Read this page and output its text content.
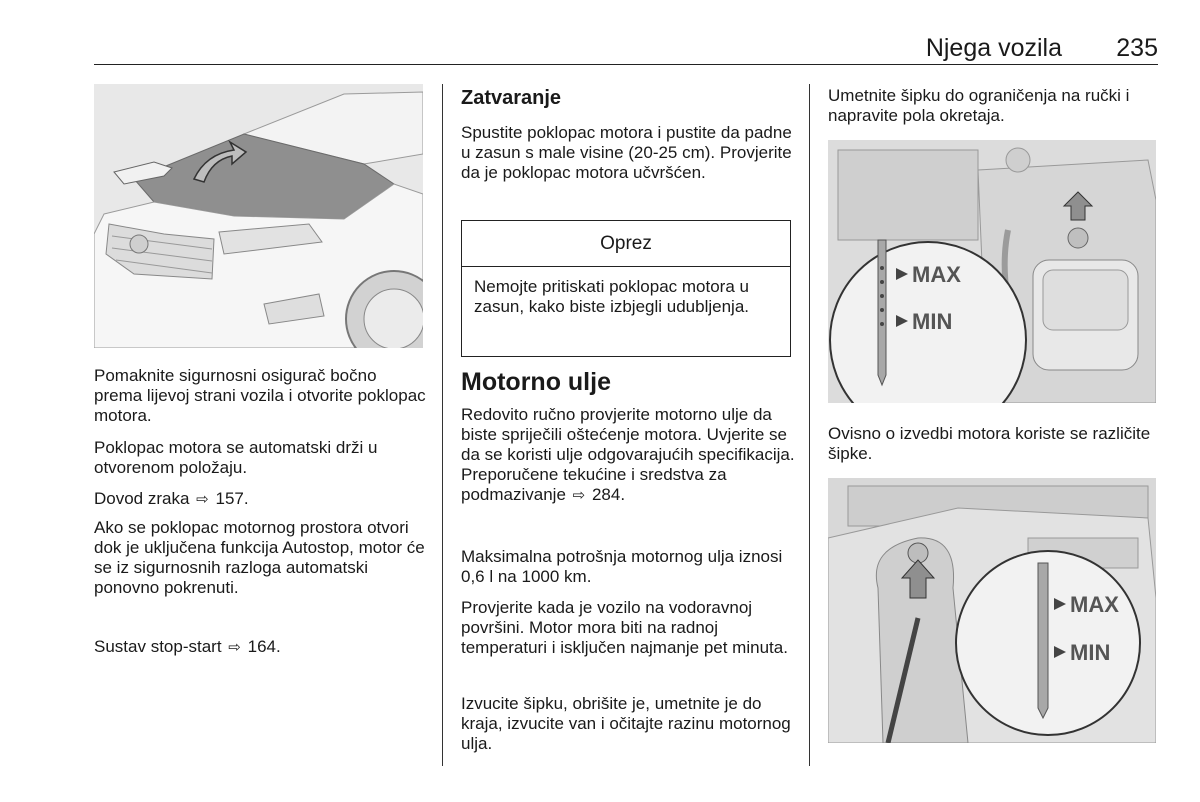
Njega vozila	235

Pomaknite sigurnosni osigurač bočno prema lijevoj strani vozila i otvorite poklopac motora.

Poklopac motora se automatski drži u otvorenom položaju.

Dovod zraka ⇨ 157.

Ako se poklopac motornog prostora otvori dok je uključena funkcija Autostop, motor će se iz sigurnosnih razloga automatski ponovno pokrenuti.

Sustav stop-start ⇨ 164.

Zatvaranje

Spustite poklopac motora i pustite da padne u zasun s male visine (20-25 cm). Provjerite da je poklopac motora učvršćen.

Oprez

Nemojte pritiskati poklopac motora u zasun, kako biste izbjegli udubljenja.

Motorno ulje

Redovito ručno provjerite motorno ulje da biste spriječili oštećenje motora. Uvjerite se da se koristi ulje odgovarajućih specifikacija. Preporučene tekućine i sredstva za podmazivanje ⇨ 284.

Maksimalna potrošnja motornog ulja iznosi 0,6 l na 1000 km.

Provjerite kada je vozilo na vodoravnoj površini. Motor mora biti na radnoj temperaturi i isključen najmanje pet minuta.

Izvucite šipku, obrišite je, umetnite je do kraja, izvucite van i očitajte razinu motornog ulja.

Umetnite šipku do ograničenja na ručki i napravite pola okretaja.

MAX
MIN

Ovisno o izvedbi motora koriste se različite šipke.

MAX
MIN
